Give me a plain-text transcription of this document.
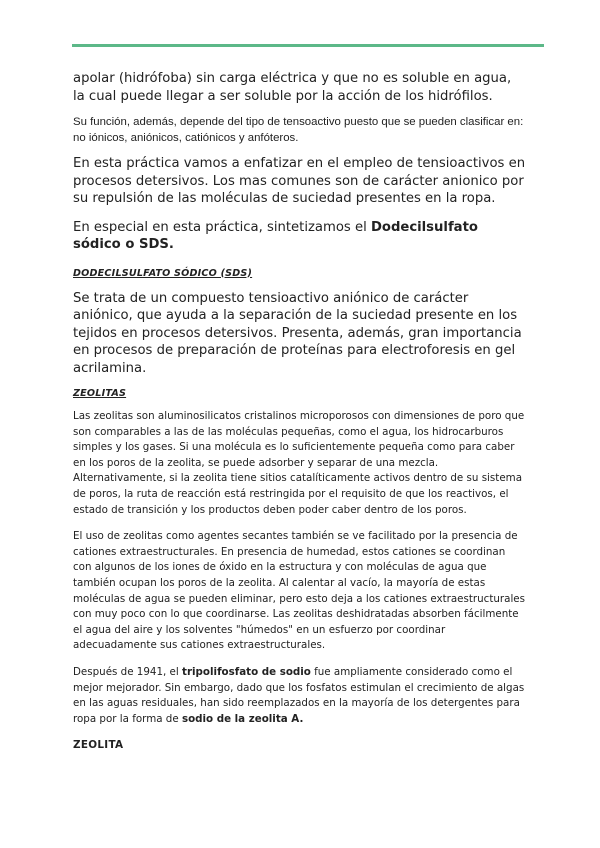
apolar (hidrófoba) sin carga eléctrica y que no es soluble en agua, la cual puede llegar a ser soluble por la acción de los hidrófilos.

Su función, además, depende del tipo de tensoactivo puesto que se pueden clasificar en: no iónicos, aniónicos, catiónicos y anfóteros.

En esta práctica vamos a enfatizar en el empleo de tensioactivos en procesos detersivos. Los mas comunes son de carácter anionico por su repulsión de las moléculas de suciedad presentes en la ropa.

En especial en esta práctica, sintetizamos el Dodecilsulfato sódico o SDS.

DODECILSULFATO SÓDICO (SDS)

Se trata de un compuesto tensioactivo aniónico de carácter aniónico, que ayuda a la separación de la suciedad presente en los tejidos en procesos detersivos. Presenta, además, gran importancia en procesos de preparación de proteínas para electroforesis en gel acrilamina.

ZEOLITAS

Las zeolitas son aluminosilicatos cristalinos microporosos con dimensiones de poro que son comparables a las de las moléculas pequeñas, como el agua, los hidrocarburos simples y los gases. Si una molécula es lo suficientemente pequeña como para caber en los poros de la zeolita, se puede adsorber y separar de una mezcla. Alternativamente, si la zeolita tiene sitios catalíticamente activos dentro de su sistema de poros, la ruta de reacción está restringida por el requisito de que los reactivos, el estado de transición y los productos deben poder caber dentro de los poros.

El uso de zeolitas como agentes secantes también se ve facilitado por la presencia de cationes extraestructurales. En presencia de humedad, estos cationes se coordinan con algunos de los iones de óxido en la estructura y con moléculas de agua que también ocupan los poros de la zeolita. Al calentar al vacío, la mayoría de estas moléculas de agua se pueden eliminar, pero esto deja a los cationes extraestructurales con muy poco con lo que coordinarse. Las zeolitas deshidratadas absorben fácilmente el agua del aire y los solventes "húmedos" en un esfuerzo por coordinar adecuadamente sus cationes extraestructurales.

Después de 1941, el tripolifosfato de sodio fue ampliamente considerado como el mejor mejorador. Sin embargo, dado que los fosfatos estimulan el crecimiento de algas en las aguas residuales, han sido reemplazados en la mayoría de los detergentes para ropa por la forma de sodio de la zeolita A.

ZEOLITA
